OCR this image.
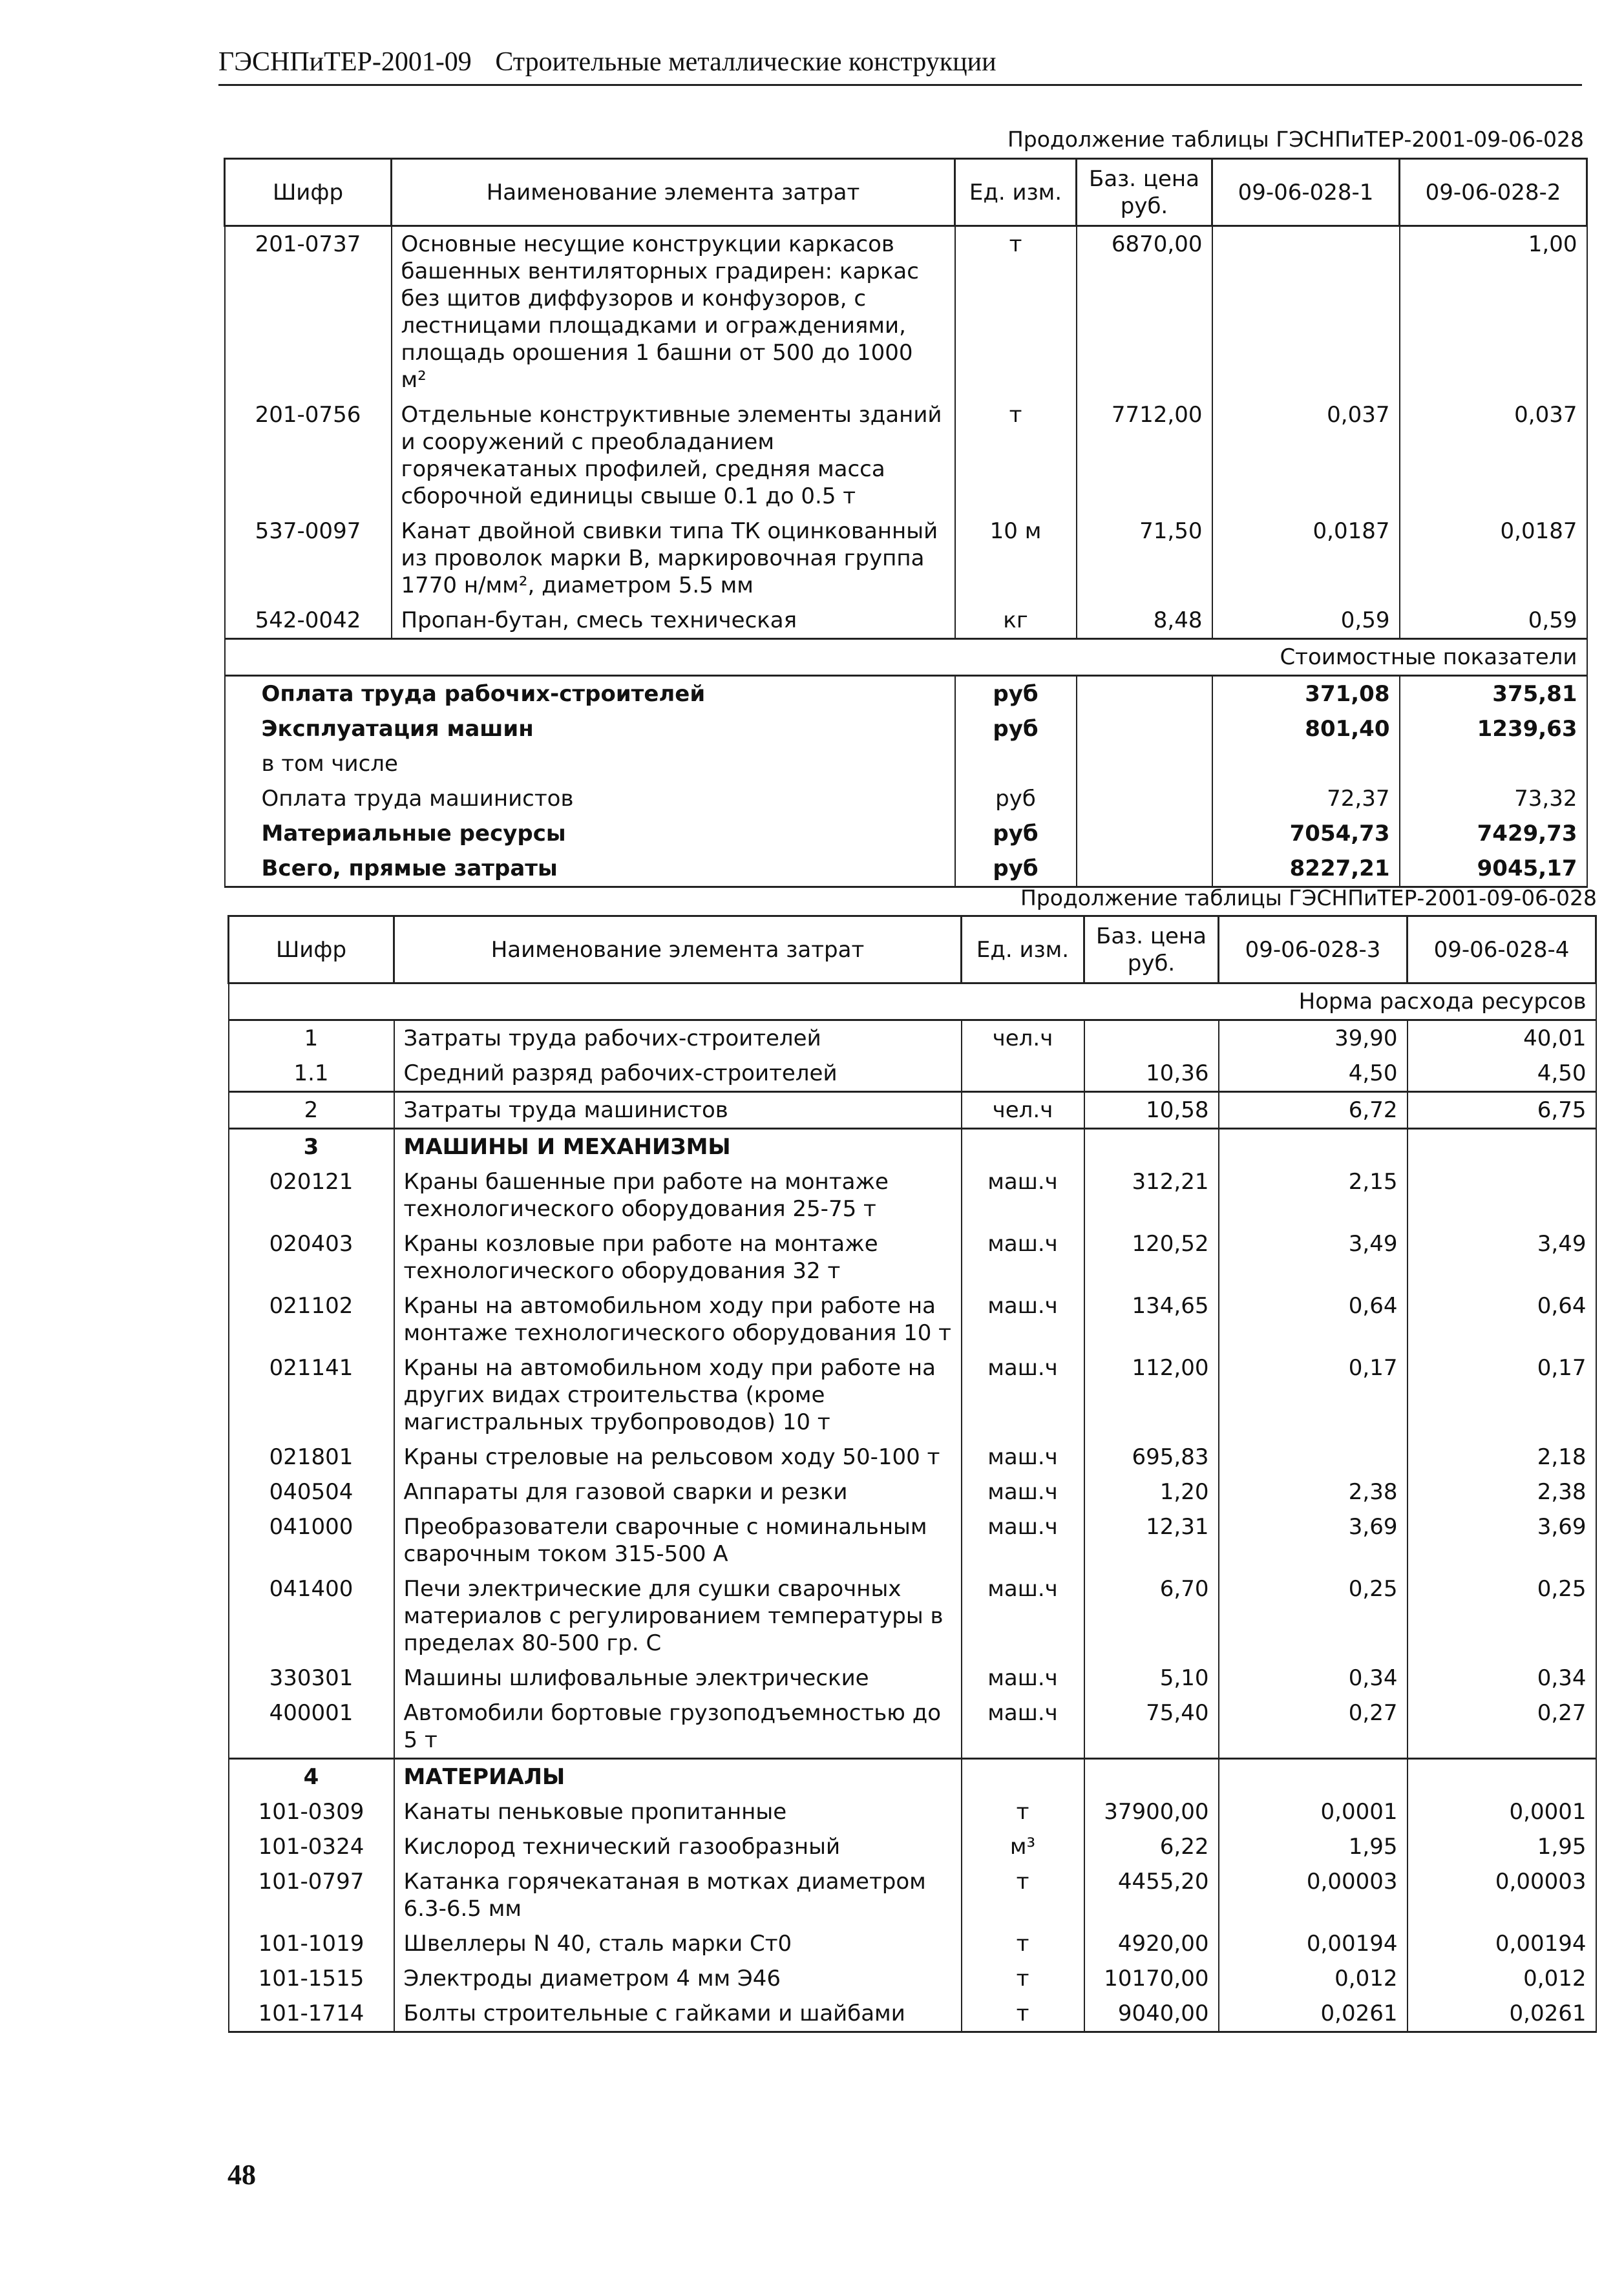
ГЭСНПиТЕР-2001-09 Строительные металлические конструкции
Продолжение таблицы ГЭСНПиТЕР-2001-09-06-028
Шифр	Наименование элемента затрат	Ед. изм.	Баз. цена руб.	09-06-028-1	09-06-028-2
201-0737	Основные несущие конструкции каркасов башенных вентиляторных градирен: каркас без щитов диффузоров и конфузоров, с лестницами площадками и ограждениями, площадь орошения 1 башни от 500 до 1000 м²	т	6870,00		1,00
201-0756	Отдельные конструктивные элементы зданий и сооружений с преобладанием горячекатаных профилей, средняя масса сборочной единицы свыше 0.1 до 0.5 т	т	7712,00	0,037	0,037
537-0097	Канат двойной свивки типа ТК оцинкованный из проволок марки В, маркировочная группа 1770 н/мм², диаметром 5.5 мм	10 м	71,50	0,0187	0,0187
542-0042	Пропан-бутан, смесь техническая	кг	8,48	0,59	0,59
Стоимостные показатели					
Оплата труда рабочих-строителей		руб		371,08	375,81
Эксплуатация машин		руб		801,40	1239,63
в том числе					
Оплата труда машинистов		руб		72,37	73,32
Материальные ресурсы		руб		7054,73	7429,73
Всего, прямые затраты		руб		8227,21	9045,17
Продолжение таблицы ГЭСНПиТЕР-2001-09-06-028
Шифр	Наименование элемента затрат	Ед. изм.	Баз. цена руб.	09-06-028-3	09-06-028-4
Норма расхода ресурсов					
1	Затраты труда рабочих-строителей	чел.ч		39,90	40,01
1.1	Средний разряд рабочих-строителей		10,36	4,50	4,50
2	Затраты труда машинистов	чел.ч	10,58	6,72	6,75
3	МАШИНЫ И МЕХАНИЗМЫ				
020121	Краны башенные при работе на монтаже технологического оборудования 25-75 т	маш.ч	312,21	2,15	
020403	Краны козловые при работе на монтаже технологического оборудования 32 т	маш.ч	120,52	3,49	3,49
021102	Краны на автомобильном ходу при работе на монтаже технологического оборудования 10 т	маш.ч	134,65	0,64	0,64
021141	Краны на автомобильном ходу при работе на других видах строительства (кроме магистральных трубопроводов) 10 т	маш.ч	112,00	0,17	0,17
021801	Краны стреловые на рельсовом ходу 50-100 т	маш.ч	695,83		2,18
040504	Аппараты для газовой сварки и резки	маш.ч	1,20	2,38	2,38
041000	Преобразователи сварочные с номинальным сварочным током 315-500 А	маш.ч	12,31	3,69	3,69
041400	Печи электрические для сушки сварочных материалов с регулированием температуры в пределах 80-500 гр. С	маш.ч	6,70	0,25	0,25
330301	Машины шлифовальные электрические	маш.ч	5,10	0,34	0,34
400001	Автомобили бортовые грузоподъемностью до 5 т	маш.ч	75,40	0,27	0,27
4	МАТЕРИАЛЫ				
101-0309	Канаты пеньковые пропитанные	т	37900,00	0,0001	0,0001
101-0324	Кислород технический газообразный	м³	6,22	1,95	1,95
101-0797	Катанка горячекатаная в мотках диаметром 6.3-6.5 мм	т	4455,20	0,00003	0,00003
101-1019	Швеллеры N 40, сталь марки Ст0	т	4920,00	0,00194	0,00194
101-1515	Электроды диаметром 4 мм Э46	т	10170,00	0,012	0,012
101-1714	Болты строительные с гайками и шайбами	т	9040,00	0,0261	0,0261
48
